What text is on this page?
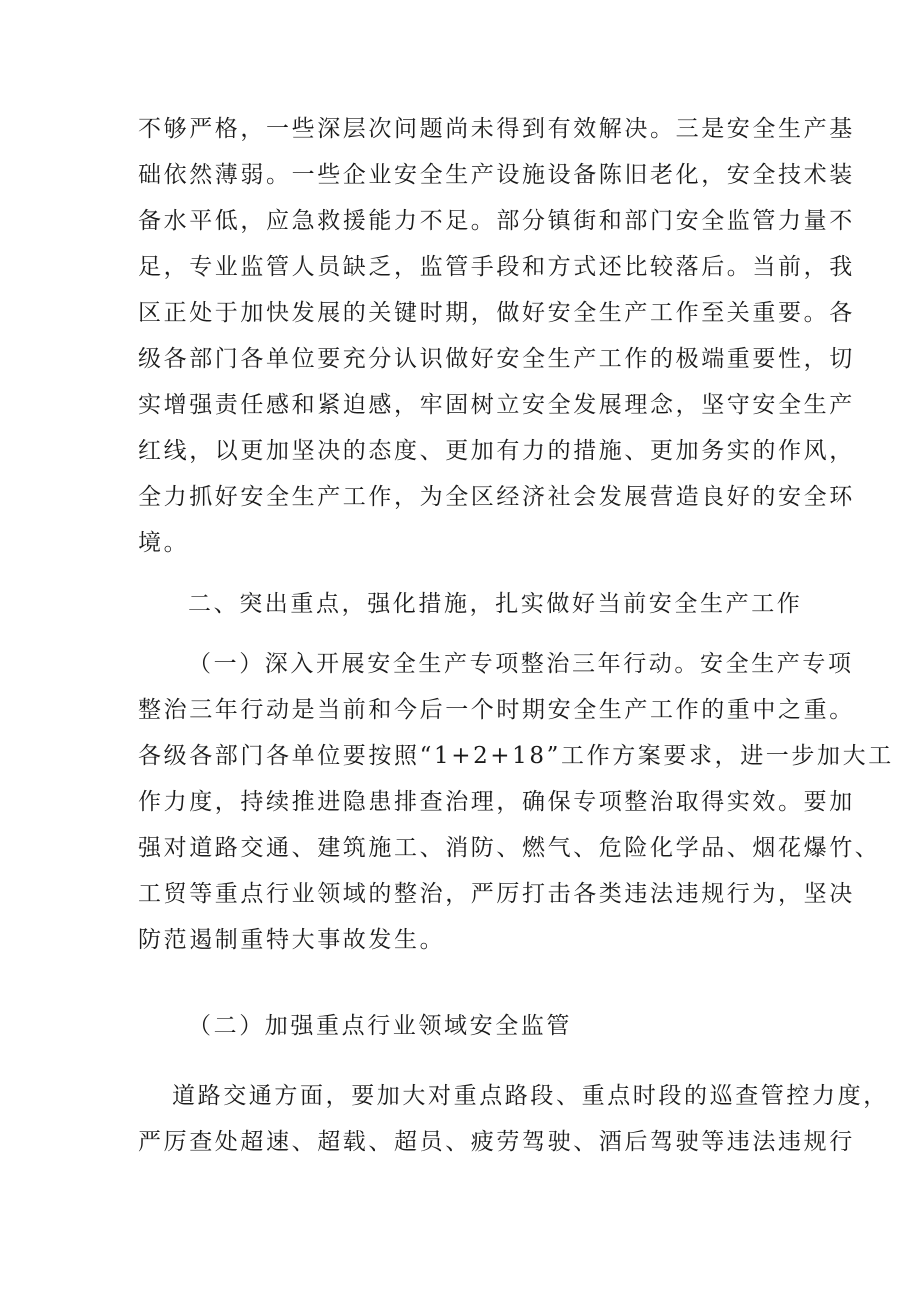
不够严格，一些深层次问题尚未得到有效解决。三是安全生产基
础依然薄弱。一些企业安全生产设施设备陈旧老化，安全技术装
备水平低，应急救援能力不足。部分镇街和部门安全监管力量不
足，专业监管人员缺乏，监管手段和方式还比较落后。当前，我
区正处于加快发展的关键时期，做好安全生产工作至关重要。各
级各部门各单位要充分认识做好安全生产工作的极端重要性，切
实增强责任感和紧迫感，牢固树立安全发展理念，坚守安全生产
红线，以更加坚决的态度、更加有力的措施、更加务实的作风，
全力抓好安全生产工作，为全区经济社会发展营造良好的安全环
境。
二、突出重点，强化措施，扎实做好当前安全生产工作
（一）深入开展安全生产专项整治三年行动。安全生产专项
整治三年行动是当前和今后一个时期安全生产工作的重中之重。
各级各部门各单位要按照“1+2+18”工作方案要求，进一步加大工
作力度，持续推进隐患排查治理，确保专项整治取得实效。要加
强对道路交通、建筑施工、消防、燃气、危险化学品、烟花爆竹、
工贸等重点行业领域的整治，严厉打击各类违法违规行为，坚决
防范遏制重特大事故发生。
（二）加强重点行业领域安全监管
道路交通方面，要加大对重点路段、重点时段的巡查管控力度，
严厉查处超速、超载、超员、疲劳驾驶、酒后驾驶等违法违规行
